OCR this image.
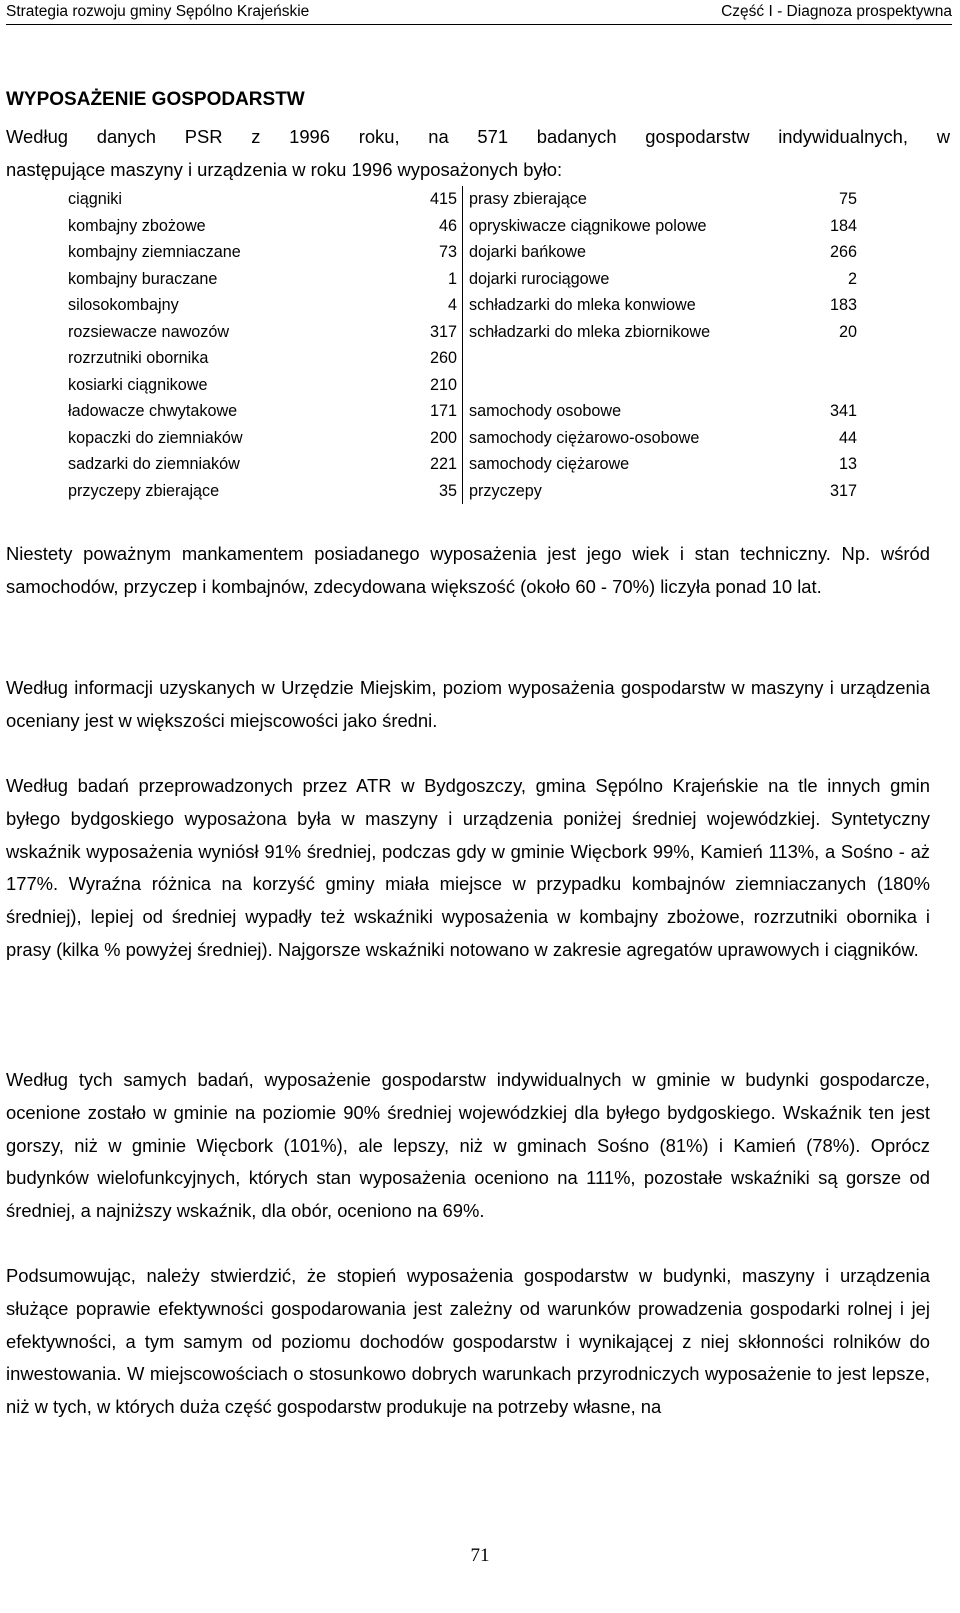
Strategia rozwoju gminy Sępólno Krajeńskie	Część I - Diagnoza prospektywna
WYPOSAŻENIE GOSPODARSTW

Według danych PSR z 1996 roku, na 571 badanych gospodarstw indywidualnych, w

następujące maszyny i urządzenia w roku 1996 wyposażonych było:

ciągniki	415	prasy zbierające	75
kombajny zbożowe	46	opryskiwacze ciągnikowe polowe	184
kombajny ziemniaczane	73	dojarki bańkowe	266
kombajny buraczane	1	dojarki rurociągowe	2
silosokombajny	4	schładzarki do mleka konwiowe	183
rozsiewacze nawozów	317	schładzarki do mleka zbiornikowe	20
rozrzutniki obornika	260		
kosiarki ciągnikowe	210		
ładowacze chwytakowe	171	samochody osobowe	341
kopaczki do ziemniaków	200	samochody ciężarowo-osobowe	44
sadzarki do ziemniaków	221	samochody ciężarowe	13
przyczepy zbierające	35	przyczepy	317

Niestety poważnym mankamentem posiadanego wyposażenia jest jego wiek i stan techniczny. Np. wśród samochodów, przyczep i kombajnów, zdecydowana większość (około 60 - 70%) liczyła ponad 10 lat.

Według informacji uzyskanych w Urzędzie Miejskim, poziom wyposażenia gospodarstw w maszyny i urządzenia oceniany jest w większości miejscowości jako średni.

Według badań przeprowadzonych przez ATR w Bydgoszczy, gmina Sępólno Krajeńskie na tle innych gmin byłego bydgoskiego wyposażona była w maszyny i urządzenia poniżej średniej wojewódzkiej. Syntetyczny wskaźnik wyposażenia wyniósł 91% średniej, podczas gdy w gminie Więcbork 99%, Kamień 113%, a Sośno - aż 177%. Wyraźna różnica na korzyść gminy miała miejsce w przypadku kombajnów ziemniaczanych (180% średniej), lepiej od średniej wypadły też wskaźniki wyposażenia w kombajny zbożowe, rozrzutniki obornika i prasy (kilka % powyżej średniej). Najgorsze wskaźniki notowano w zakresie agregatów uprawowych i ciągników.

Według tych samych badań, wyposażenie gospodarstw indywidualnych w gminie w budynki gospodarcze, ocenione zostało w gminie na poziomie 90% średniej wojewódzkiej dla byłego bydgoskiego. Wskaźnik ten jest gorszy, niż w gminie Więcbork (101%), ale lepszy, niż w gminach Sośno (81%) i Kamień (78%). Oprócz budynków wielofunkcyjnych, których stan wyposażenia oceniono na 111%, pozostałe wskaźniki są gorsze od średniej, a najniższy wskaźnik, dla obór, oceniono na 69%.

Podsumowując, należy stwierdzić, że stopień wyposażenia gospodarstw w budynki, maszyny i urządzenia służące poprawie efektywności gospodarowania jest zależny od warunków prowadzenia gospodarki rolnej i jej efektywności, a tym samym od poziomu dochodów gospodarstw i wynikającej z niej skłonności rolników do inwestowania. W miejscowościach o stosunkowo dobrych warunkach przyrodniczych wyposażenie to jest lepsze, niż w tych, w których duża część gospodarstw produkuje na potrzeby własne, na

71
